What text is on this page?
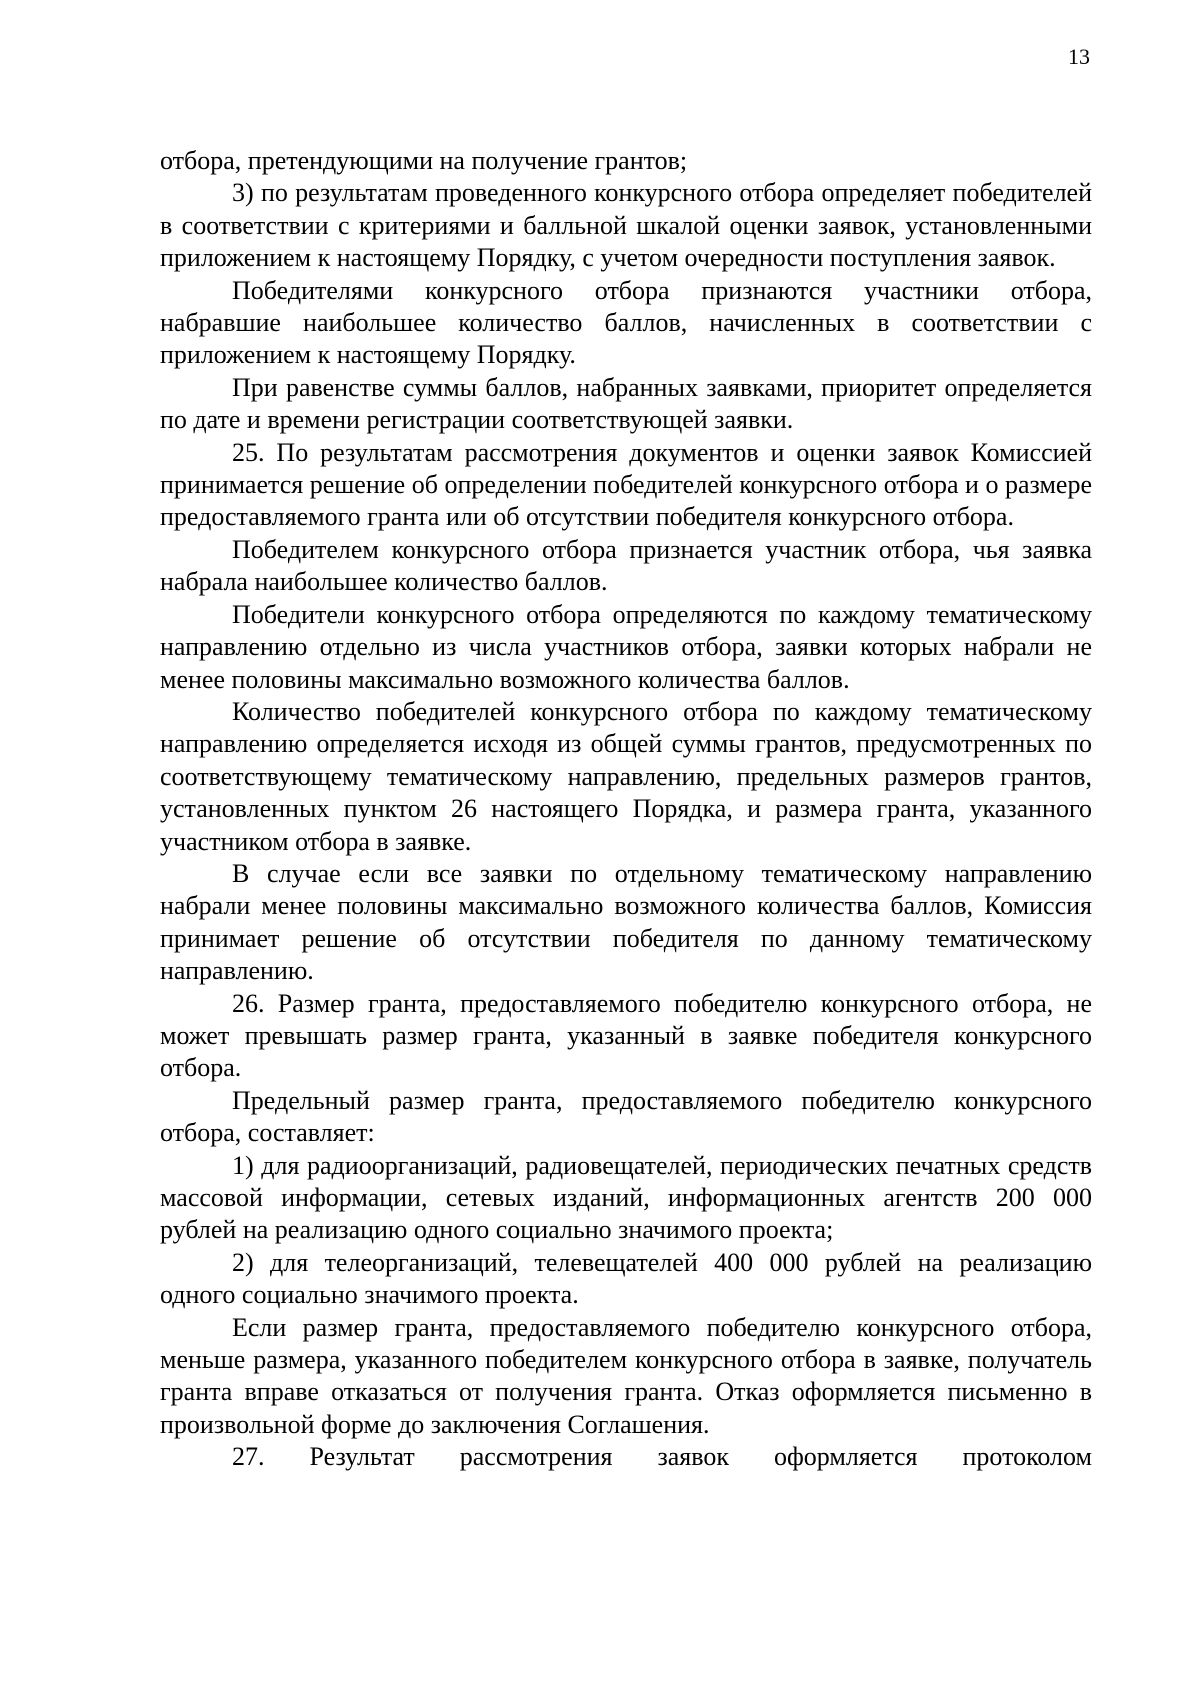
13

отбора, претендующими на получение грантов;

3) по результатам проведенного конкурсного отбора определяет победителей в соответствии с критериями и балльной шкалой оценки заявок, установленными приложением к настоящему Порядку, с учетом очередности поступления заявок.

Победителями конкурсного отбора признаются участники отбора, набравшие наибольшее количество баллов, начисленных в соответствии с приложением к настоящему Порядку.

При равенстве суммы баллов, набранных заявками, приоритет определяется по дате и времени регистрации соответствующей заявки.

25. По результатам рассмотрения документов и оценки заявок Комиссией принимается решение об определении победителей конкурсного отбора и о размере предоставляемого гранта или об отсутствии победителя конкурсного отбора.

Победителем конкурсного отбора признается участник отбора, чья заявка набрала наибольшее количество баллов.

Победители конкурсного отбора определяются по каждому тематическому направлению отдельно из числа участников отбора, заявки которых набрали не менее половины максимально возможного количества баллов.

Количество победителей конкурсного отбора по каждому тематическому направлению определяется исходя из общей суммы грантов, предусмотренных по соответствующему тематическому направлению, предельных размеров грантов, установленных пунктом 26 настоящего Порядка, и размера гранта, указанного участником отбора в заявке.

В случае если все заявки по отдельному тематическому направлению набрали менее половины максимально возможного количества баллов, Комиссия принимает решение об отсутствии победителя по данному тематическому направлению.

26. Размер гранта, предоставляемого победителю конкурсного отбора, не может превышать размер гранта, указанный в заявке победителя конкурсного отбора.

Предельный размер гранта, предоставляемого победителю конкурсного отбора, составляет:

1) для радиоорганизаций, радиовещателей, периодических печатных средств массовой информации, сетевых изданий, информационных агентств 200 000 рублей на реализацию одного социально значимого проекта;

2) для телеорганизаций, телевещателей 400 000 рублей на реализацию одного социально значимого проекта.

Если размер гранта, предоставляемого победителю конкурсного отбора, меньше размера, указанного победителем конкурсного отбора в заявке, получатель гранта вправе отказаться от получения гранта. Отказ оформляется письменно в произвольной форме до заключения Соглашения.

27. Результат рассмотрения заявок оформляется протоколом
